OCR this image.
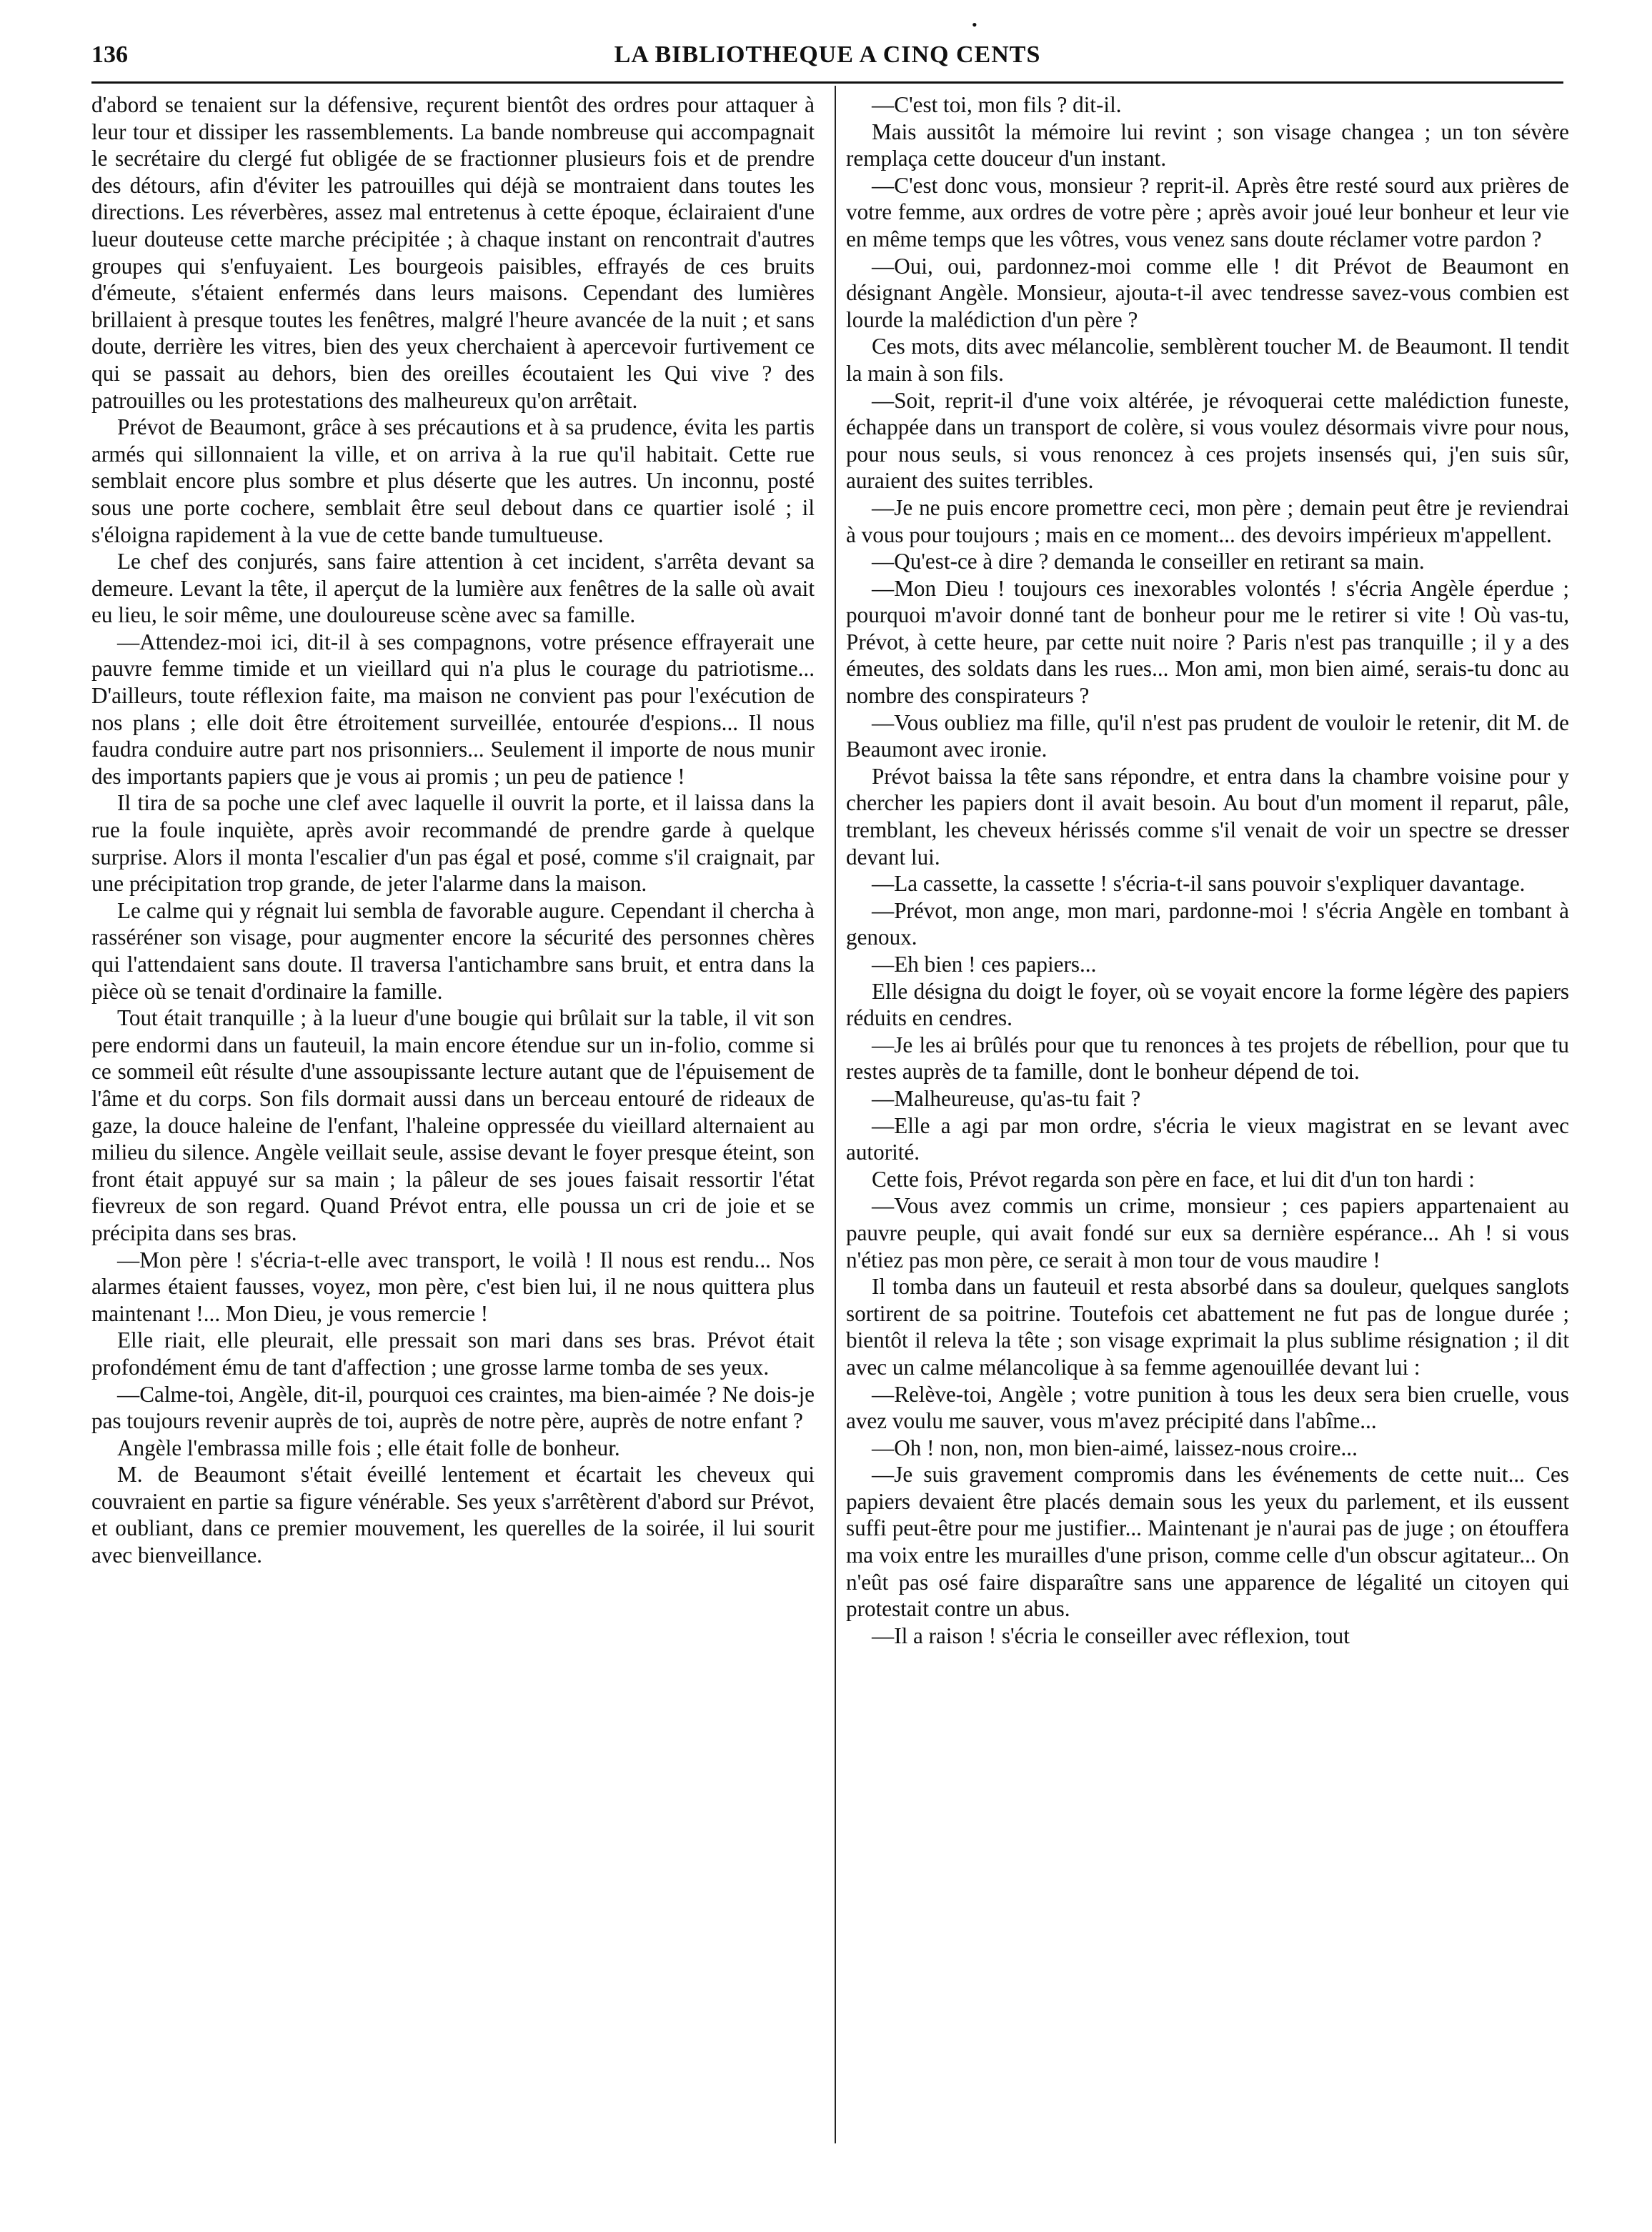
136	LA BIBLIOTHEQUE A CINQ CENTS
•

d'abord se tenaient sur la défensive, reçurent bientôt des ordres pour attaquer à leur tour et dissiper les rassemblements. La bande nombreuse qui accompagnait le secrétaire du clergé fut obligée de se fractionner plusieurs fois et de prendre des détours, afin d'éviter les patrouilles qui déjà se montraient dans toutes les directions. Les réverbères, assez mal entretenus à cette époque, éclairaient d'une lueur douteuse cette marche précipitée ; à chaque instant on rencontrait d'autres groupes qui s'enfuyaient. Les bourgeois paisibles, effrayés de ces bruits d'émeute, s'étaient enfermés dans leurs maisons. Cependant des lumières brillaient à presque toutes les fenêtres, malgré l'heure avancée de la nuit ; et sans doute, derrière les vitres, bien des yeux cherchaient à apercevoir furtivement ce qui se passait au dehors, bien des oreilles écoutaient les Qui vive ? des patrouilles ou les protestations des malheureux qu'on arrêtait.

Prévot de Beaumont, grâce à ses précautions et à sa prudence, évita les partis armés qui sillonnaient la ville, et on arriva à la rue qu'il habitait. Cette rue semblait encore plus sombre et plus déserte que les autres. Un inconnu, posté sous une porte cochere, semblait être seul debout dans ce quartier isolé ; il s'éloigna rapidement à la vue de cette bande tumultueuse.

Le chef des conjurés, sans faire attention à cet incident, s'arrêta devant sa demeure. Levant la tête, il aperçut de la lumière aux fenêtres de la salle où avait eu lieu, le soir même, une douloureuse scène avec sa famille.

—Attendez-moi ici, dit-il à ses compagnons, votre présence effrayerait une pauvre femme timide et un vieillard qui n'a plus le courage du patriotisme... D'ailleurs, toute réflexion faite, ma maison ne convient pas pour l'exécution de nos plans ; elle doit être étroitement surveillée, entourée d'espions... Il nous faudra conduire autre part nos prisonniers... Seulement il importe de nous munir des importants papiers que je vous ai promis ; un peu de patience !

Il tira de sa poche une clef avec laquelle il ouvrit la porte, et il laissa dans la rue la foule inquiète, après avoir recommandé de prendre garde à quelque surprise. Alors il monta l'escalier d'un pas égal et posé, comme s'il craignait, par une précipitation trop grande, de jeter l'alarme dans la maison.

Le calme qui y régnait lui sembla de favorable augure. Cependant il chercha à rasséréner son visage, pour augmenter encore la sécurité des personnes chères qui l'attendaient sans doute. Il traversa l'antichambre sans bruit, et entra dans la pièce où se tenait d'ordinaire la famille.

Tout était tranquille ; à la lueur d'une bougie qui brûlait sur la table, il vit son pere endormi dans un fauteuil, la main encore étendue sur un in-folio, comme si ce sommeil eût résulte d'une assoupissante lecture autant que de l'épuisement de l'âme et du corps. Son fils dormait aussi dans un berceau entouré de rideaux de gaze, la douce haleine de l'enfant, l'haleine oppressée du vieillard alternaient au milieu du silence. Angèle veillait seule, assise devant le foyer presque éteint, son front était appuyé sur sa main ; la pâleur de ses joues faisait ressortir l'état fievreux de son regard. Quand Prévot entra, elle poussa un cri de joie et se précipita dans ses bras.

—Mon père ! s'écria-t-elle avec transport, le voilà ! Il nous est rendu... Nos alarmes étaient fausses, voyez, mon père, c'est bien lui, il ne nous quittera plus maintenant !... Mon Dieu, je vous remercie !

Elle riait, elle pleurait, elle pressait son mari dans ses bras. Prévot était profondément ému de tant d'affection ; une grosse larme tomba de ses yeux.

—Calme-toi, Angèle, dit-il, pourquoi ces craintes, ma bien-aimée ? Ne dois-je pas toujours revenir auprès de toi, auprès de notre père, auprès de notre enfant ?

Angèle l'embrassa mille fois ; elle était folle de bonheur.

M. de Beaumont s'était éveillé lentement et écartait les cheveux qui couvraient en partie sa figure vénérable. Ses yeux s'arrêtèrent d'abord sur Prévot, et oubliant, dans ce premier mouvement, les querelles de la soirée, il lui sourit avec bienveillance.

—C'est toi, mon fils ? dit-il.

Mais aussitôt la mémoire lui revint ; son visage changea ; un ton sévère remplaça cette douceur d'un instant.

—C'est donc vous, monsieur ? reprit-il. Après être resté sourd aux prières de votre femme, aux ordres de votre père ; après avoir joué leur bonheur et leur vie en même temps que les vôtres, vous venez sans doute réclamer votre pardon ?

—Oui, oui, pardonnez-moi comme elle ! dit Prévot de Beaumont en désignant Angèle. Monsieur, ajouta-t-il avec tendresse savez-vous combien est lourde la malédiction d'un père ?

Ces mots, dits avec mélancolie, semblèrent toucher M. de Beaumont. Il tendit la main à son fils.

—Soit, reprit-il d'une voix altérée, je révoquerai cette malédiction funeste, échappée dans un transport de colère, si vous voulez désormais vivre pour nous, pour nous seuls, si vous renoncez à ces projets insensés qui, j'en suis sûr, auraient des suites terribles.

—Je ne puis encore promettre ceci, mon père ; demain peut être je reviendrai à vous pour toujours ; mais en ce moment... des devoirs impérieux m'appellent.

—Qu'est-ce à dire ? demanda le conseiller en retirant sa main.

—Mon Dieu ! toujours ces inexorables volontés ! s'écria Angèle éperdue ; pourquoi m'avoir donné tant de bonheur pour me le retirer si vite ! Où vas-tu, Prévot, à cette heure, par cette nuit noire ? Paris n'est pas tranquille ; il y a des émeutes, des soldats dans les rues... Mon ami, mon bien aimé, serais-tu donc au nombre des conspirateurs ?

—Vous oubliez ma fille, qu'il n'est pas prudent de vouloir le retenir, dit M. de Beaumont avec ironie.

Prévot baissa la tête sans répondre, et entra dans la chambre voisine pour y chercher les papiers dont il avait besoin. Au bout d'un moment il reparut, pâle, tremblant, les cheveux hérissés comme s'il venait de voir un spectre se dresser devant lui.

—La cassette, la cassette ! s'écria-t-il sans pouvoir s'expliquer davantage.

—Prévot, mon ange, mon mari, pardonne-moi ! s'écria Angèle en tombant à genoux.

—Eh bien ! ces papiers...

Elle désigna du doigt le foyer, où se voyait encore la forme légère des papiers réduits en cendres.

—Je les ai brûlés pour que tu renonces à tes projets de rébellion, pour que tu restes auprès de ta famille, dont le bonheur dépend de toi.

—Malheureuse, qu'as-tu fait ?

—Elle a agi par mon ordre, s'écria le vieux magistrat en se levant avec autorité.

Cette fois, Prévot regarda son père en face, et lui dit d'un ton hardi :

—Vous avez commis un crime, monsieur ; ces papiers appartenaient au pauvre peuple, qui avait fondé sur eux sa dernière espérance... Ah ! si vous n'étiez pas mon père, ce serait à mon tour de vous maudire !

Il tomba dans un fauteuil et resta absorbé dans sa douleur, quelques sanglots sortirent de sa poitrine. Toutefois cet abattement ne fut pas de longue durée ; bientôt il releva la tête ; son visage exprimait la plus sublime résignation ; il dit avec un calme mélancolique à sa femme agenouillée devant lui :

—Relève-toi, Angèle ; votre punition à tous les deux sera bien cruelle, vous avez voulu me sauver, vous m'avez précipité dans l'abîme...

—Oh ! non, non, mon bien-aimé, laissez-nous croire...

—Je suis gravement compromis dans les événements de cette nuit... Ces papiers devaient être placés demain sous les yeux du parlement, et ils eussent suffi peut-être pour me justifier... Maintenant je n'aurai pas de juge ; on étouffera ma voix entre les murailles d'une prison, comme celle d'un obscur agitateur... On n'eût pas osé faire disparaître sans une apparence de légalité un citoyen qui protestait contre un abus.

—Il a raison ! s'écria le conseiller avec réflexion, tout
